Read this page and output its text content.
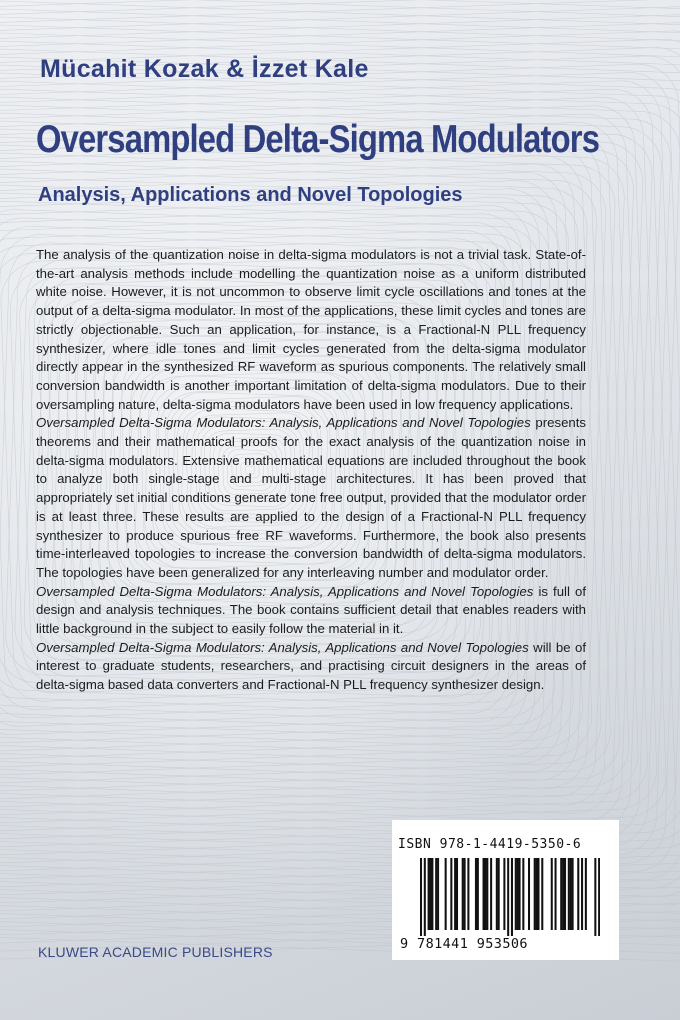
Mücahit Kozak & İzzet Kale
Oversampled Delta-Sigma Modulators
Analysis, Applications and Novel Topologies

The analysis of the quantization noise in delta-sigma modulators is not a trivial task. State-of-the-art analysis methods include modelling the quantization noise as a uniform distributed white noise. However, it is not uncommon to observe limit cycle oscillations and tones at the output of a delta-sigma modulator. In most of the applications, these limit cycles and tones are strictly objectionable. Such an application, for instance, is a Fractional-N PLL frequency synthesizer, where idle tones and limit cycles generated from the delta-sigma modulator directly appear in the synthesized RF waveform as spurious components. The relatively small conversion bandwidth is another important limitation of delta-sigma modulators. Due to their oversampling nature, delta-sigma modulators have been used in low frequency applications.

Oversampled Delta-Sigma Modulators: Analysis, Applications and Novel Topologies presents theorems and their mathematical proofs for the exact analysis of the quantization noise in delta-sigma modulators. Extensive mathematical equations are included throughout the book to analyze both single-stage and multi-stage architectures. It has been proved that appropriately set initial conditions generate tone free output, provided that the modulator order is at least three. These results are applied to the design of a Fractional-N PLL frequency synthesizer to produce spurious free RF waveforms. Furthermore, the book also presents time-interleaved topologies to increase the conversion bandwidth of delta-sigma modulators. The topologies have been generalized for any interleaving number and modulator order.

Oversampled Delta-Sigma Modulators: Analysis, Applications and Novel Topologies is full of design and analysis techniques. The book contains sufficient detail that enables readers with little background in the subject to easily follow the material in it.

Oversampled Delta-Sigma Modulators: Analysis, Applications and Novel Topologies will be of interest to graduate students, researchers, and practising circuit designers in the areas of delta-sigma based data converters and Fractional-N PLL frequency synthesizer design.

ISBN 978-1-4419-5350-6

9 781441 953506

KLUWER ACADEMIC PUBLISHERS
